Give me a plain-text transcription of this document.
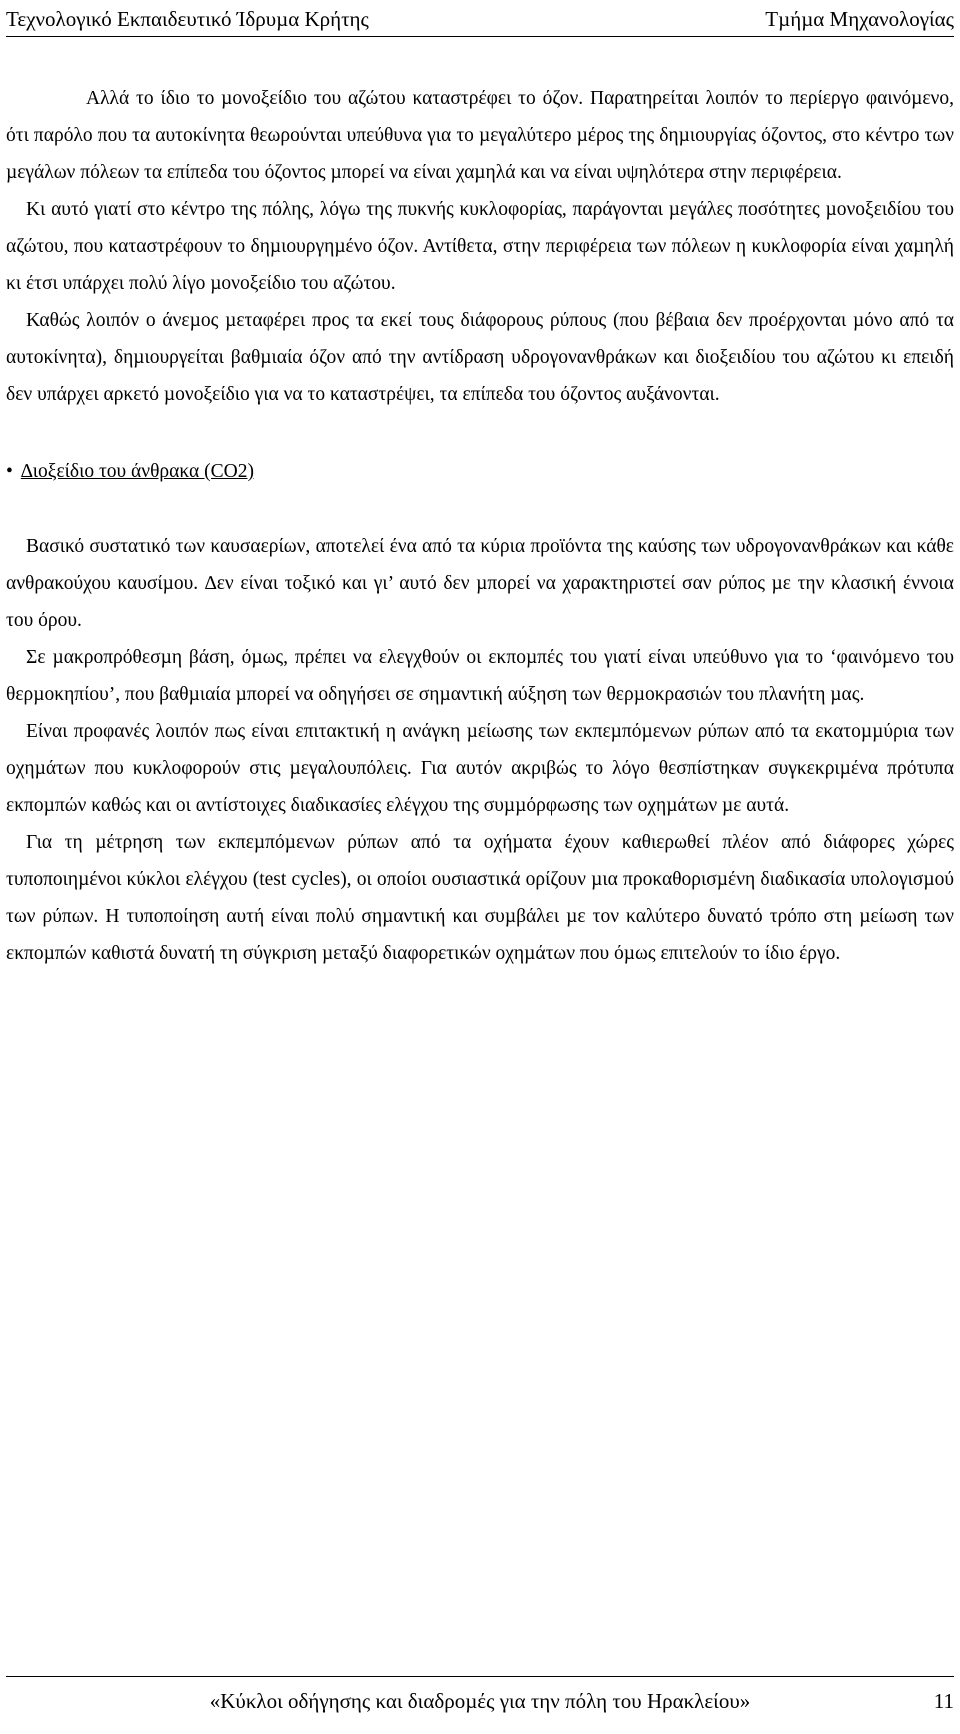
Τεχνολογικό Εκπαιδευτικό Ίδρυµα Κρήτης	Τµήµα Μηχανολογίας

Αλλά το ίδιο το µονοξείδιο του αζώτου καταστρέφει το όζον. Παρατηρείται λοιπόν το περίεργο φαινόµενο, ότι παρόλο που τα αυτοκίνητα θεωρούνται υπεύθυνα για το µεγαλύτερο µέρος της δηµιουργίας όζοντος, στο κέντρο των µεγάλων πόλεων τα επίπεδα του όζοντος µπορεί να είναι χαµηλά και να είναι υψηλότερα στην περιφέρεια.

Κι αυτό γιατί στο κέντρο της πόλης, λόγω της πυκνής κυκλοφορίας, παράγονται µεγάλες ποσότητες µονοξειδίου του αζώτου, που καταστρέφουν το δηµιουργηµένο όζον. Αντίθετα, στην περιφέρεια των πόλεων η κυκλοφορία είναι χαµηλή κι έτσι υπάρχει πολύ λίγο µονοξείδιο του αζώτου.

Καθώς λοιπόν ο άνεµος µεταφέρει προς τα εκεί τους διάφορους ρύπους (που βέβαια δεν προέρχονται µόνο από τα αυτοκίνητα), δηµιουργείται βαθµιαία όζον από την αντίδραση υδρογονανθράκων και διοξειδίου του αζώτου κι επειδή δεν υπάρχει αρκετό µονοξείδιο για να το καταστρέψει, τα επίπεδα του όζοντος αυξάνονται.

• ∆ιοξείδιο του άνθρακα (CO2)

Βασικό συστατικό των καυσαερίων, αποτελεί ένα από τα κύρια προϊόντα της καύσης των υδρογονανθράκων και κάθε ανθρακούχου καυσίµου. ∆εν είναι τοξικό και γι’ αυτό δεν µπορεί να χαρακτηριστεί σαν ρύπος µε την κλασική έννοια του όρου.

Σε µακροπρόθεσµη βάση, όµως, πρέπει να ελεγχθούν οι εκποµπές του γιατί είναι υπεύθυνο για το ‘φαινόµενο του θερµοκηπίου’, που βαθµιαία µπορεί να οδηγήσει σε σηµαντική αύξηση των θερµοκρασιών του πλανήτη µας.

Είναι προφανές λοιπόν πως είναι επιτακτική η ανάγκη µείωσης των εκπεµπόµενων ρύπων από τα εκατοµµύρια των οχηµάτων που κυκλοφορούν στις µεγαλουπόλεις. Για αυτόν ακριβώς το λόγο θεσπίστηκαν συγκεκριµένα πρότυπα εκποµπών καθώς και οι αντίστοιχες διαδικασίες ελέγχου της συµµόρφωσης των οχηµάτων µε αυτά.

Για τη µέτρηση των εκπεµπόµενων ρύπων από τα οχήµατα έχουν καθιερωθεί πλέον από διάφορες χώρες τυποποιηµένοι κύκλοι ελέγχου (test cycles), οι οποίοι ουσιαστικά ορίζουν µια προκαθορισµένη διαδικασία υπολογισµού των ρύπων. Η τυποποίηση αυτή είναι πολύ σηµαντική και συµβάλει µε τον καλύτερο δυνατό τρόπο στη µείωση των εκποµπών καθιστά δυνατή τη σύγκριση µεταξύ διαφορετικών οχηµάτων που όµως επιτελούν το ίδιο έργο.

«Κύκλοι οδήγησης και διαδροµές για την πόλη του Ηρακλείου»	11
